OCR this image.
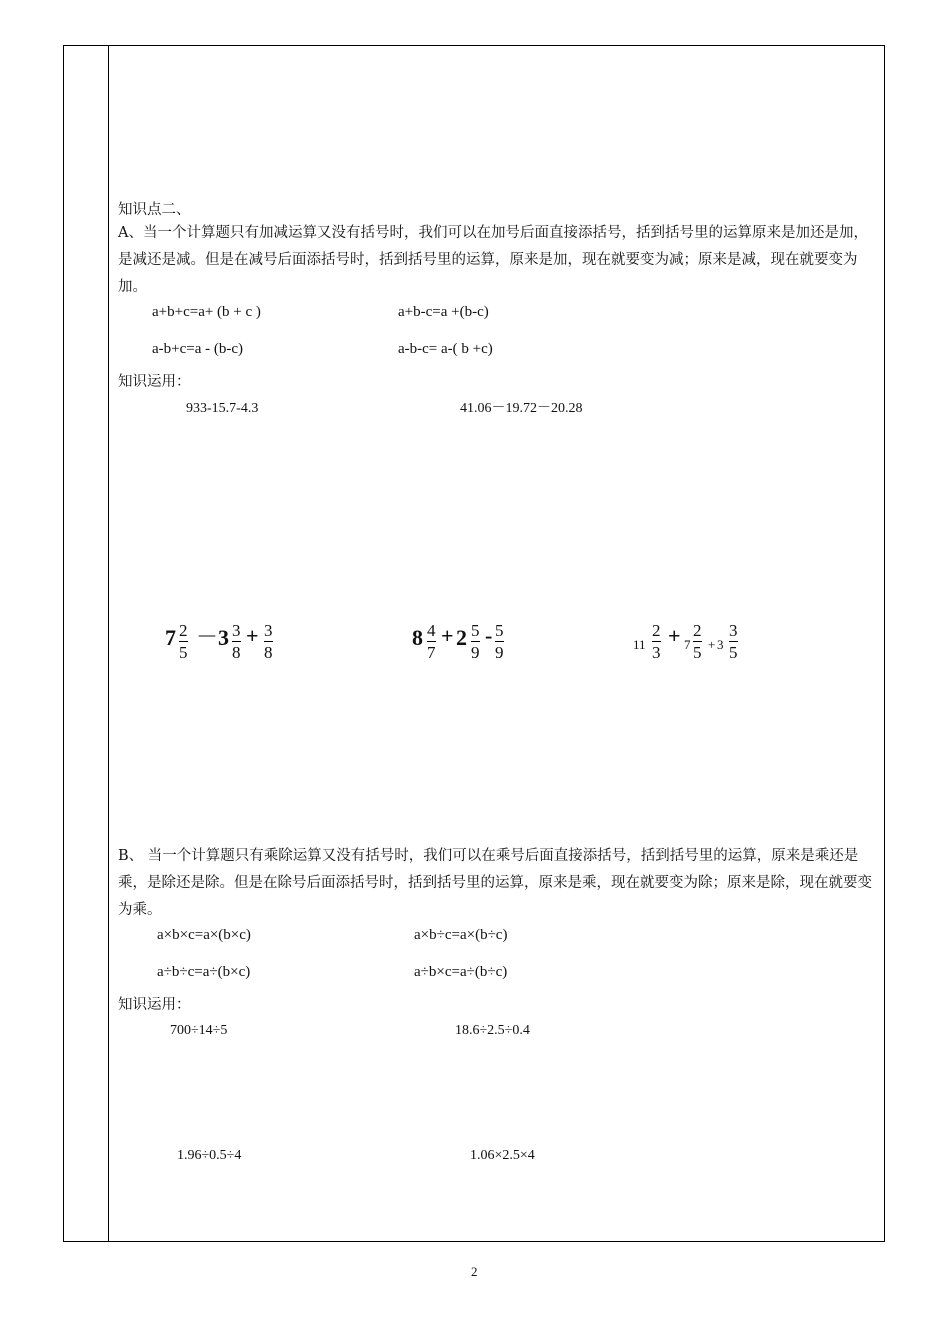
知识点二、
A、当一个计算题只有加减运算又没有括号时，我们可以在加号后面直接添括号，括到括号里的运算原来是加还是加，是减还是减。但是在减号后面添括号时，括到括号里的运算，原来是加，现在就要变为减；原来是减，现在就要变为加。
a+b+c=a+ (b + c )	a+b-c=a +(b-c)
a-b+c=a - (b-c)	a-b-c= a-( b +c)
知识运用：
933-15.7-4.3	41.06－19.72－20.28
7 2
5
－ 3 3
8
+ 3
8
8 4
7
+ 2 5
9
- 5
9	11
2
3
+ 7
2
5 + 3
3
5
B、 当一个计算题只有乘除运算又没有括号时，我们可以在乘号后面直接添括号，括到括号里的运算，原来是乘还是乘，是除还是除。但是在除号后面添括号时，括到括号里的运算，原来是乘，现在就要变为除；原来是除，现在就要变为乘。
a×b×c=a×(b×c)	a×b÷c=a×(b÷c)
a÷b÷c=a÷(b×c)	a÷b×c=a÷(b÷c)
知识运用：
700÷14÷5	18.6÷2.5÷0.4
1.96÷0.5÷4	1.06×2.5×4
2
